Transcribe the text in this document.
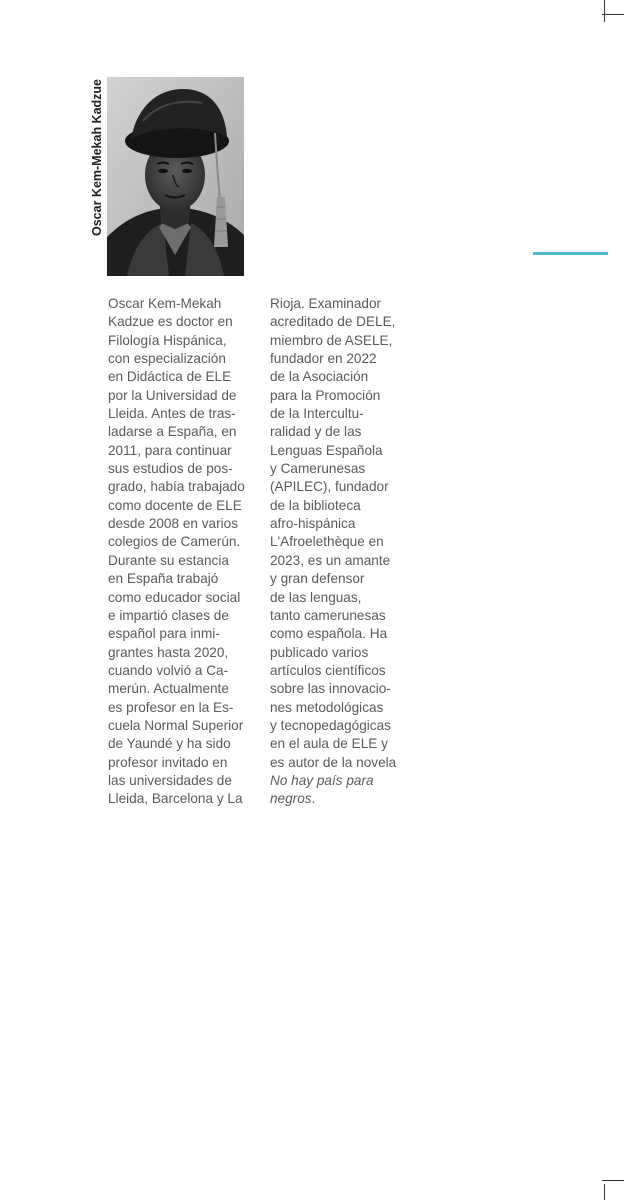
Oscar Kem-Mekah Kadzue
Oscar Kem-Mekah
Kadzue es doctor en
Filología Hispánica,
con especialización
en Didáctica de ELE
por la Universidad de
Lleida. Antes de tras-
ladarse a España, en
2011, para continuar
sus estudios de pos-
grado, había trabajado
como docente de ELE
desde 2008 en varios
colegios de Camerún.
Durante su estancia
en España trabajó
como educador social
e impartió clases de
español para inmi-
grantes hasta 2020,
cuando volvió a Ca-
merún. Actualmente
es profesor en la Es-
cuela Normal Superior
de Yaundé y ha sido
profesor invitado en
las universidades de
Lleida, Barcelona y La
Rioja. Examinador
acreditado de DELE,
miembro de ASELE,
fundador en 2022
de la Asociación
para la Promoción
de la Intercultu-
ralidad y de las
Lenguas Española
y Camerunesas
(APILEC), fundador
de la biblioteca
afro-hispánica
L'Afroelethèque en
2023, es un amante
y gran defensor
de las lenguas,
tanto camerunesas
como española. Ha
publicado varios
artículos científicos
sobre las innovacio-
nes metodológicas
y tecnopedagógicas
en el aula de ELE y
es autor de la novela
No hay país para
negros.
